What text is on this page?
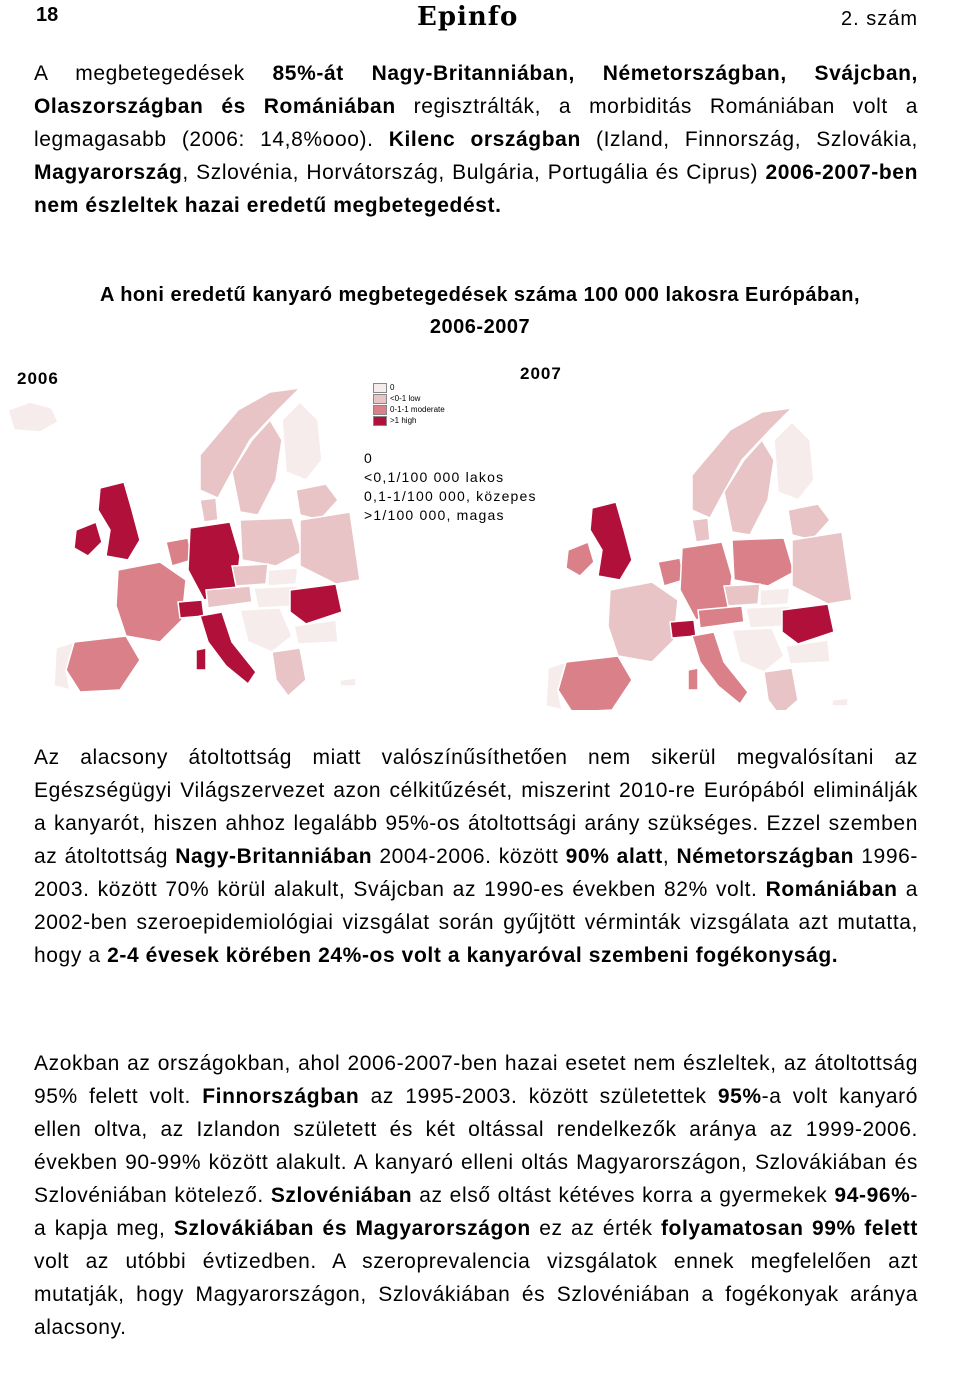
18	Epinfo	2. szám

A megbetegedések 85%-át Nagy-Britanniában, Németországban, Svájcban, Olaszországban és Romániában regisztrálták, a morbiditás Romániában volt a legmagasabb (2006: 14,8%ooo). Kilenc országban (Izland, Finnország, Szlovákia, Magyarország, Szlovénia, Horvátország, Bulgária, Portugália és Ciprus) 2006-2007-ben nem észleltek hazai eredetű megbetegedést.

A honi eredetű kanyaró megbetegedések száma 100 000 lakosra Európában,
2006-2007
2006	2007
0
<0-1 low
0-1-1 moderate
>1 high
0
<0,1/100 000 lakos
0,1-1/100 000, közepes
>1/100 000, magas

Az alacsony átoltottság miatt valószínűsíthetően nem sikerül megvalósítani az Egészségügyi Világszervezet azon célkitűzését, miszerint 2010-re Európából eliminálják a kanyarót, hiszen ahhoz legalább 95%-os átoltottsági arány szükséges. Ezzel szemben az átoltottság Nagy-Britanniában 2004-2006. között 90% alatt, Németországban 1996-2003. között 70% körül alakult, Svájcban az 1990-es években 82% volt. Romániában a 2002-ben szeroepidemiológiai vizsgálat során gyűjtött vérminták vizsgálata azt mutatta, hogy a 2-4 évesek körében 24%-os volt a kanyaróval szembeni fogékonyság.

Azokban az országokban, ahol 2006-2007-ben hazai esetet nem észleltek, az átoltottság 95% felett volt. Finnországban az 1995-2003. között születettek 95%-a volt kanyaró ellen oltva, az Izlandon született és két oltással rendelkezők aránya az 1999-2006. években 90-99% között alakult. A kanyaró elleni oltás Magyarországon, Szlovákiában és Szlovéniában kötelező. Szlovéniában az első oltást kétéves korra a gyermekek 94-96%-a kapja meg, Szlovákiában és Magyarországon ez az érték folyamatosan 99% felett volt az utóbbi évtizedben. A szeroprevalencia vizsgálatok ennek megfelelően azt mutatják, hogy Magyarországon, Szlovákiában és Szlovéniában a fogékonyak aránya alacsony.
